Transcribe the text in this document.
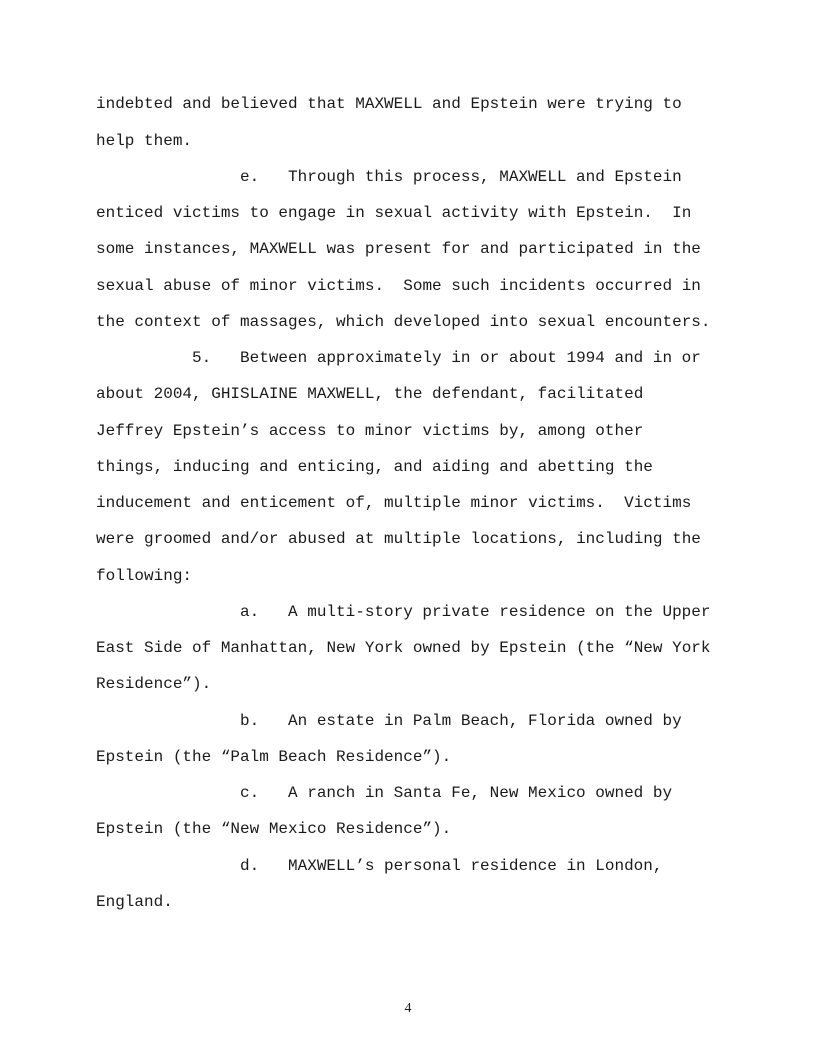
indebted and believed that MAXWELL and Epstein were trying to
help them.
e.   Through this process, MAXWELL and Epstein
enticed victims to engage in sexual activity with Epstein.  In
some instances, MAXWELL was present for and participated in the
sexual abuse of minor victims.  Some such incidents occurred in
the context of massages, which developed into sexual encounters.
5.   Between approximately in or about 1994 and in or
about 2004, GHISLAINE MAXWELL, the defendant, facilitated
Jeffrey Epstein’s access to minor victims by, among other
things, inducing and enticing, and aiding and abetting the
inducement and enticement of, multiple minor victims.  Victims
were groomed and/or abused at multiple locations, including the
following:
a.   A multi-story private residence on the Upper
East Side of Manhattan, New York owned by Epstein (the “New York
Residence”).
b.   An estate in Palm Beach, Florida owned by
Epstein (the “Palm Beach Residence”).
c.   A ranch in Santa Fe, New Mexico owned by
Epstein (the “New Mexico Residence”).
d.   MAXWELL’s personal residence in London,
England.
4
